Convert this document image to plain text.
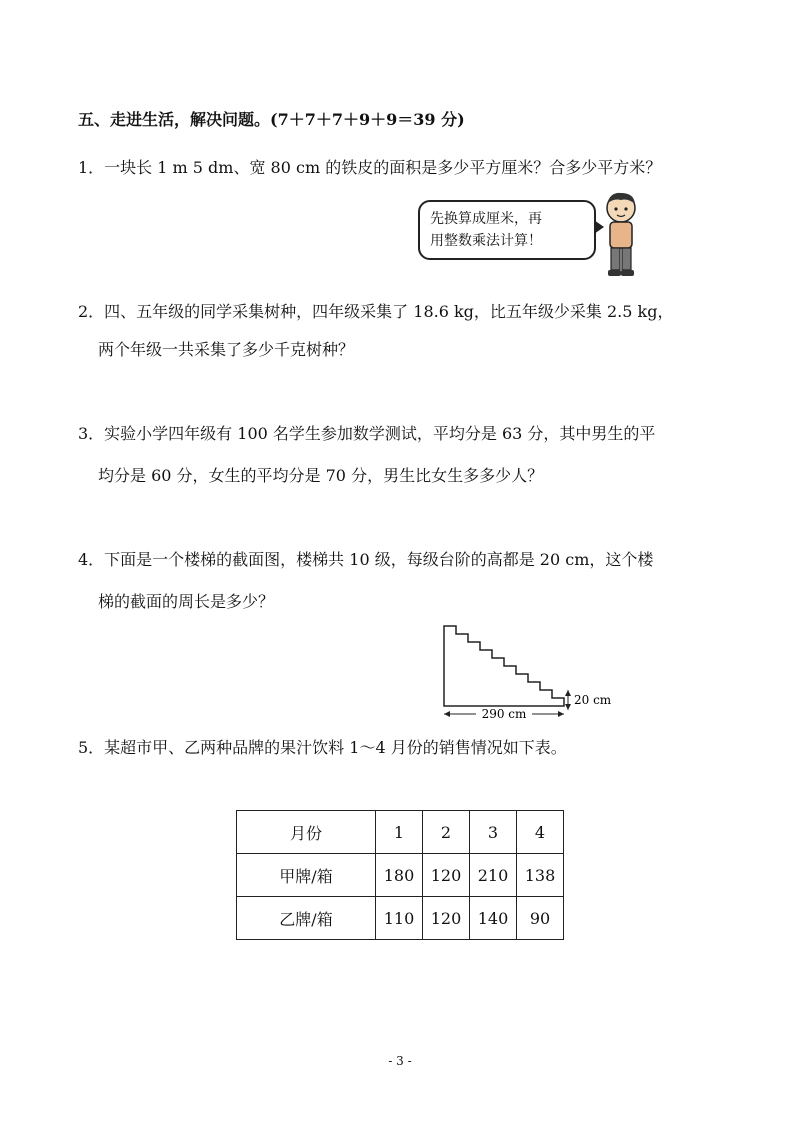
五、走进生活，解决问题。(7＋7＋7＋9＋9＝39 分)
1．一块长 1 m 5 dm、宽 80 cm 的铁皮的面积是多少平方厘米？合多少平方米？
先换算成厘米，再
用整数乘法计算！
2．四、五年级的同学采集树种，四年级采集了 18.6 kg，比五年级少采集 2.5 kg，
两个年级一共采集了多少千克树种？
3．实验小学四年级有 100 名学生参加数学测试，平均分是 63 分，其中男生的平
均分是 60 分，女生的平均分是 70 分，男生比女生多多少人？
4．下面是一个楼梯的截面图，楼梯共 10 级，每级台阶的高都是 20 cm，这个楼
梯的截面的周长是多少？
290 cm
20 cm
5．某超市甲、乙两种品牌的果汁饮料 1～4 月份的销售情况如下表。
月份	1	2	3	4
甲牌/箱	180	120	210	138
乙牌/箱	110	120	140	90
- 3 -
